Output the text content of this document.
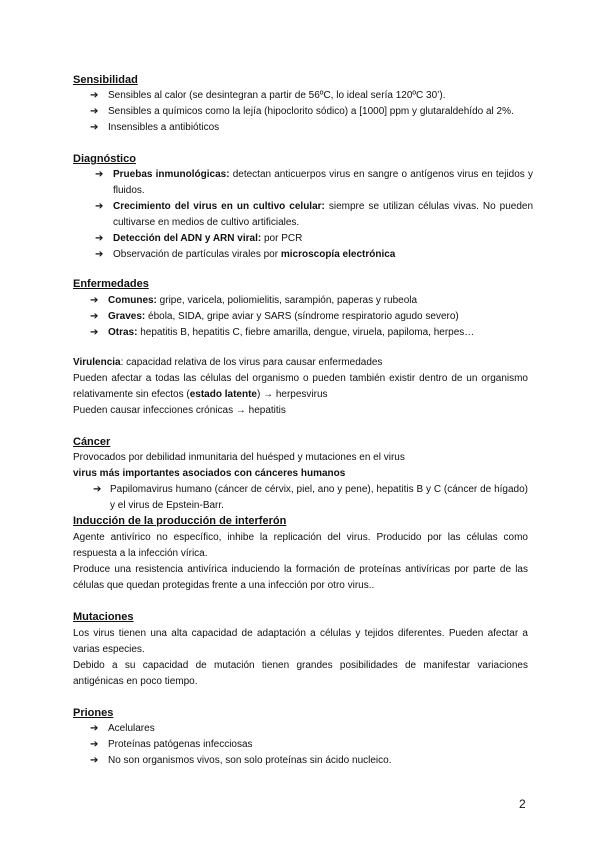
Sensibilidad
➔ Sensibles al calor (se desintegran a partir de 56ºC, lo ideal sería 120ºC 30’).
➔ Sensibles a químicos como la lejía (hipoclorito sódico) a [1000] ppm y glutaraldehído al 2%.
➔ Insensibles a antibióticos
Diagnóstico
➔ Pruebas inmunológicas: detectan anticuerpos virus en sangre o antígenos virus en tejidos y fluidos.
➔ Crecimiento del virus en un cultivo celular: siempre se utilizan células vivas. No pueden cultivarse en medios de cultivo artificiales.
➔ Detección del ADN y ARN viral: por PCR
➔ Observación de partículas virales por microscopía electrónica
Enfermedades
➔ Comunes: gripe, varicela, poliomielitis, sarampión, paperas y rubeola
➔ Graves: ébola, SIDA, gripe aviar y SARS (síndrome respiratorio agudo severo)
➔ Otras: hepatitis B, hepatitis C, fiebre amarilla, dengue, viruela, papiloma, herpes…

Virulencia: capacidad relativa de los virus para causar enfermedades

Pueden afectar a todas las células del organismo o pueden también existir dentro de un organismo relativamente sin efectos (estado latente) → herpesvirus

Pueden causar infecciones crónicas → hepatitis

Cáncer

Provocados por debilidad inmunitaria del huésped y mutaciones en el virus

virus más importantes asociados con cánceres humanos

➔ Papilomavirus humano (cáncer de cérvix, piel, ano y pene), hepatitis B y C (cáncer de hígado) y el virus de Epstein-Barr.
Inducción de la producción de interferón

Agente antivírico no específico, inhibe la replicación del virus. Producido por las células como respuesta a la infección vírica.

Produce una resistencia antivírica induciendo la formación de proteínas antivíricas por parte de las células que quedan protegidas frente a una infección por otro virus..

Mutaciones

Los virus tienen una alta capacidad de adaptación a células y tejidos diferentes. Pueden afectar a varias especies.

Debido a su capacidad de mutación tienen grandes posibilidades de manifestar variaciones antigénicas en poco tiempo.

Priones
➔ Acelulares
➔ Proteínas patógenas infecciosas
➔ No son organismos vivos, son solo proteínas sin ácido nucleico.
2
